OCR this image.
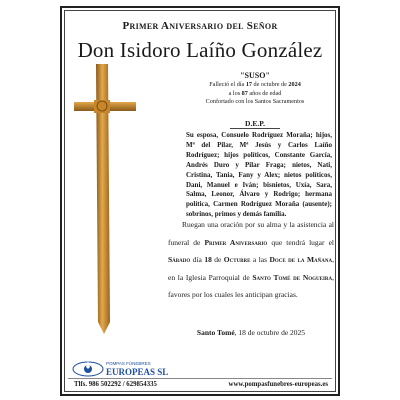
Primer Aniversario del Señor
Don Isidoro Laíño González
"SUSO"
Falleció el día 17 de octubre de 2024
a los 87 años de edad
Confortado con los Santos Sacramentos
D.E.P.
Su esposa, Consuelo Rodríguez Moraña; hijos, Mª del Pilar, Mª Jesús y Carlos Laíño Rodríguez; hijos políticos, Constante García, Andrés Duro y Pilar Fraga; nietos, Nati, Cristina, Tania, Fany y Alex; nietos políticos, Dani, Manuel e Iván; bisnietos, Uxía, Sara, Salma, Leonor, Álvaro y Rodrigo; hermana política, Carmen Rodríguez Moraña (ausente); sobrinos, primos y demás familia.
Ruegan una oración por su alma y la asistencia al funeral de Primer Aniversario que tendrá lugar el Sábado día 18 de Octubre a las Doce de la Mañana, en la Iglesia Parroquial de Santo Tomé de Nogueira, favores por los cuales les anticipan gracias.
Santo Tomé, 18 de octubre de 2025
POMPAS FÚNEBRES
EUROPEAS SL
Tlfs. 986 502292 / 629854335	www.pompasfunebres-europeas.es
